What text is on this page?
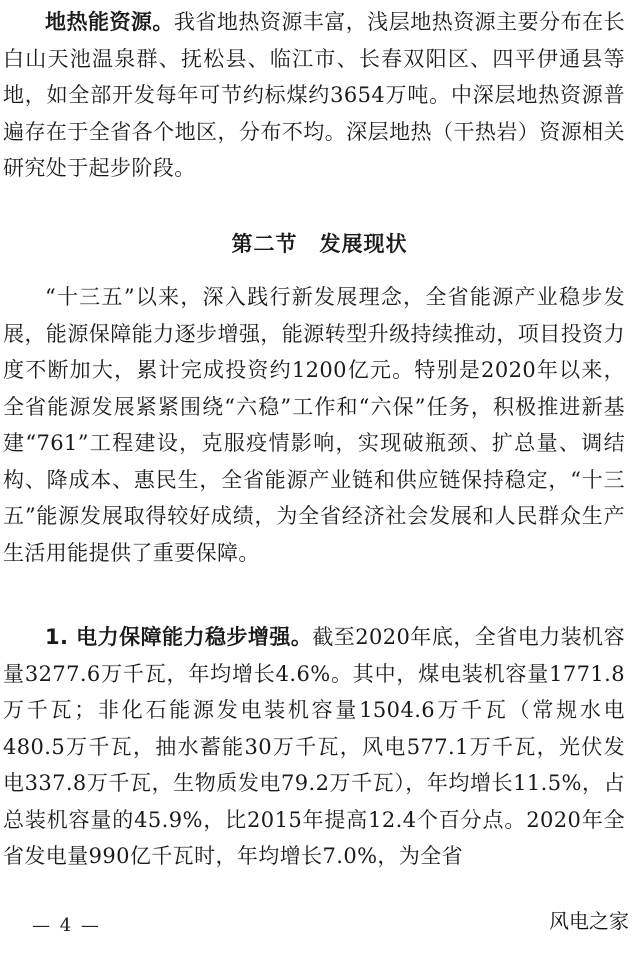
地热能资源。我省地热资源丰富，浅层地热资源主要分布在长白山天池温泉群、抚松县、临江市、长春双阳区、四平伊通县等地，如全部开发每年可节约标煤约3654万吨。中深层地热资源普遍存在于全省各个地区，分布不均。深层地热（干热岩）资源相关研究处于起步阶段。

第二节 发展现状

“十三五”以来，深入践行新发展理念，全省能源产业稳步发展，能源保障能力逐步增强，能源转型升级持续推动，项目投资力度不断加大，累计完成投资约1200亿元。特别是2020年以来，全省能源发展紧紧围绕“六稳”工作和“六保”任务，积极推进新基建“761”工程建设，克服疫情影响，实现破瓶颈、扩总量、调结构、降成本、惠民生，全省能源产业链和供应链保持稳定，“十三五”能源发展取得较好成绩，为全省经济社会发展和人民群众生产生活用能提供了重要保障。

1. 电力保障能力稳步增强。截至2020年底，全省电力装机容量3277.6万千瓦，年均增长4.6%。其中，煤电装机容量1771.8万千瓦；非化石能源发电装机容量1504.6万千瓦（常规水电480.5万千瓦，抽水蓄能30万千瓦，风电577.1万千瓦，光伏发电337.8万千瓦，生物质发电79.2万千瓦），年均增长11.5%，占总装机容量的45.9%，比2015年提高12.4个百分点。2020年全省发电量990亿千瓦时，年均增长7.0%，为全省

— 4 —	风电之家
